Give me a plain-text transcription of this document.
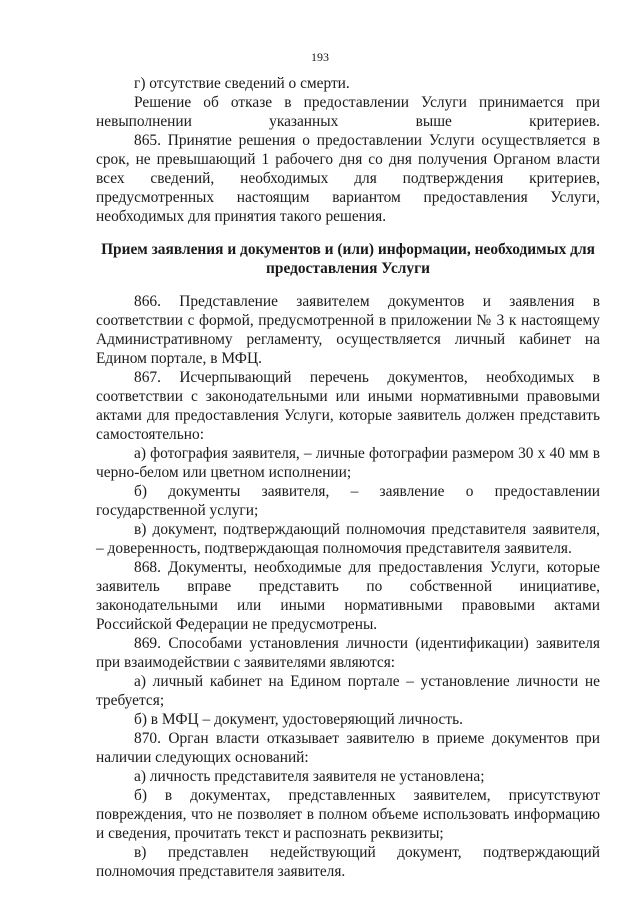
193

г) отсутствие сведений о смерти.

Решение об отказе в предоставлении Услуги принимается при невыполнении указанных выше критериев.

865. Принятие решения о предоставлении Услуги осуществляется в срок, не превышающий 1 рабочего дня со дня получения Органом власти всех сведений, необходимых для подтверждения критериев, предусмотренных настоящим вариантом предоставления Услуги, необходимых для принятия такого решения.

Прием заявления и документов и (или) информации, необходимых для предоставления Услуги

866. Представление заявителем документов и заявления в соответствии с формой, предусмотренной в приложении № 3 к настоящему Административному регламенту, осуществляется личный кабинет на Едином портале, в МФЦ.

867. Исчерпывающий перечень документов, необходимых в соответствии с законодательными или иными нормативными правовыми актами для предоставления Услуги, которые заявитель должен представить самостоятельно:

а) фотография заявителя, – личные фотографии размером 30 х 40 мм в черно-белом или цветном исполнении;

б) документы заявителя, – заявление о предоставлении государственной услуги;

в) документ, подтверждающий полномочия представителя заявителя, – доверенность, подтверждающая полномочия представителя заявителя.

868. Документы, необходимые для предоставления Услуги, которые заявитель вправе представить по собственной инициативе, законодательными или иными нормативными правовыми актами Российской Федерации не предусмотрены.

869. Способами установления личности (идентификации) заявителя при взаимодействии с заявителями являются:

а) личный кабинет на Едином портале – установление личности не требуется;

б) в МФЦ – документ, удостоверяющий личность.

870. Орган власти отказывает заявителю в приеме документов при наличии следующих оснований:

а) личность представителя заявителя не установлена;

б) в документах, представленных заявителем, присутствуют повреждения, что не позволяет в полном объеме использовать информацию и сведения, прочитать текст и распознать реквизиты;

в) представлен недействующий документ, подтверждающий полномочия представителя заявителя.
